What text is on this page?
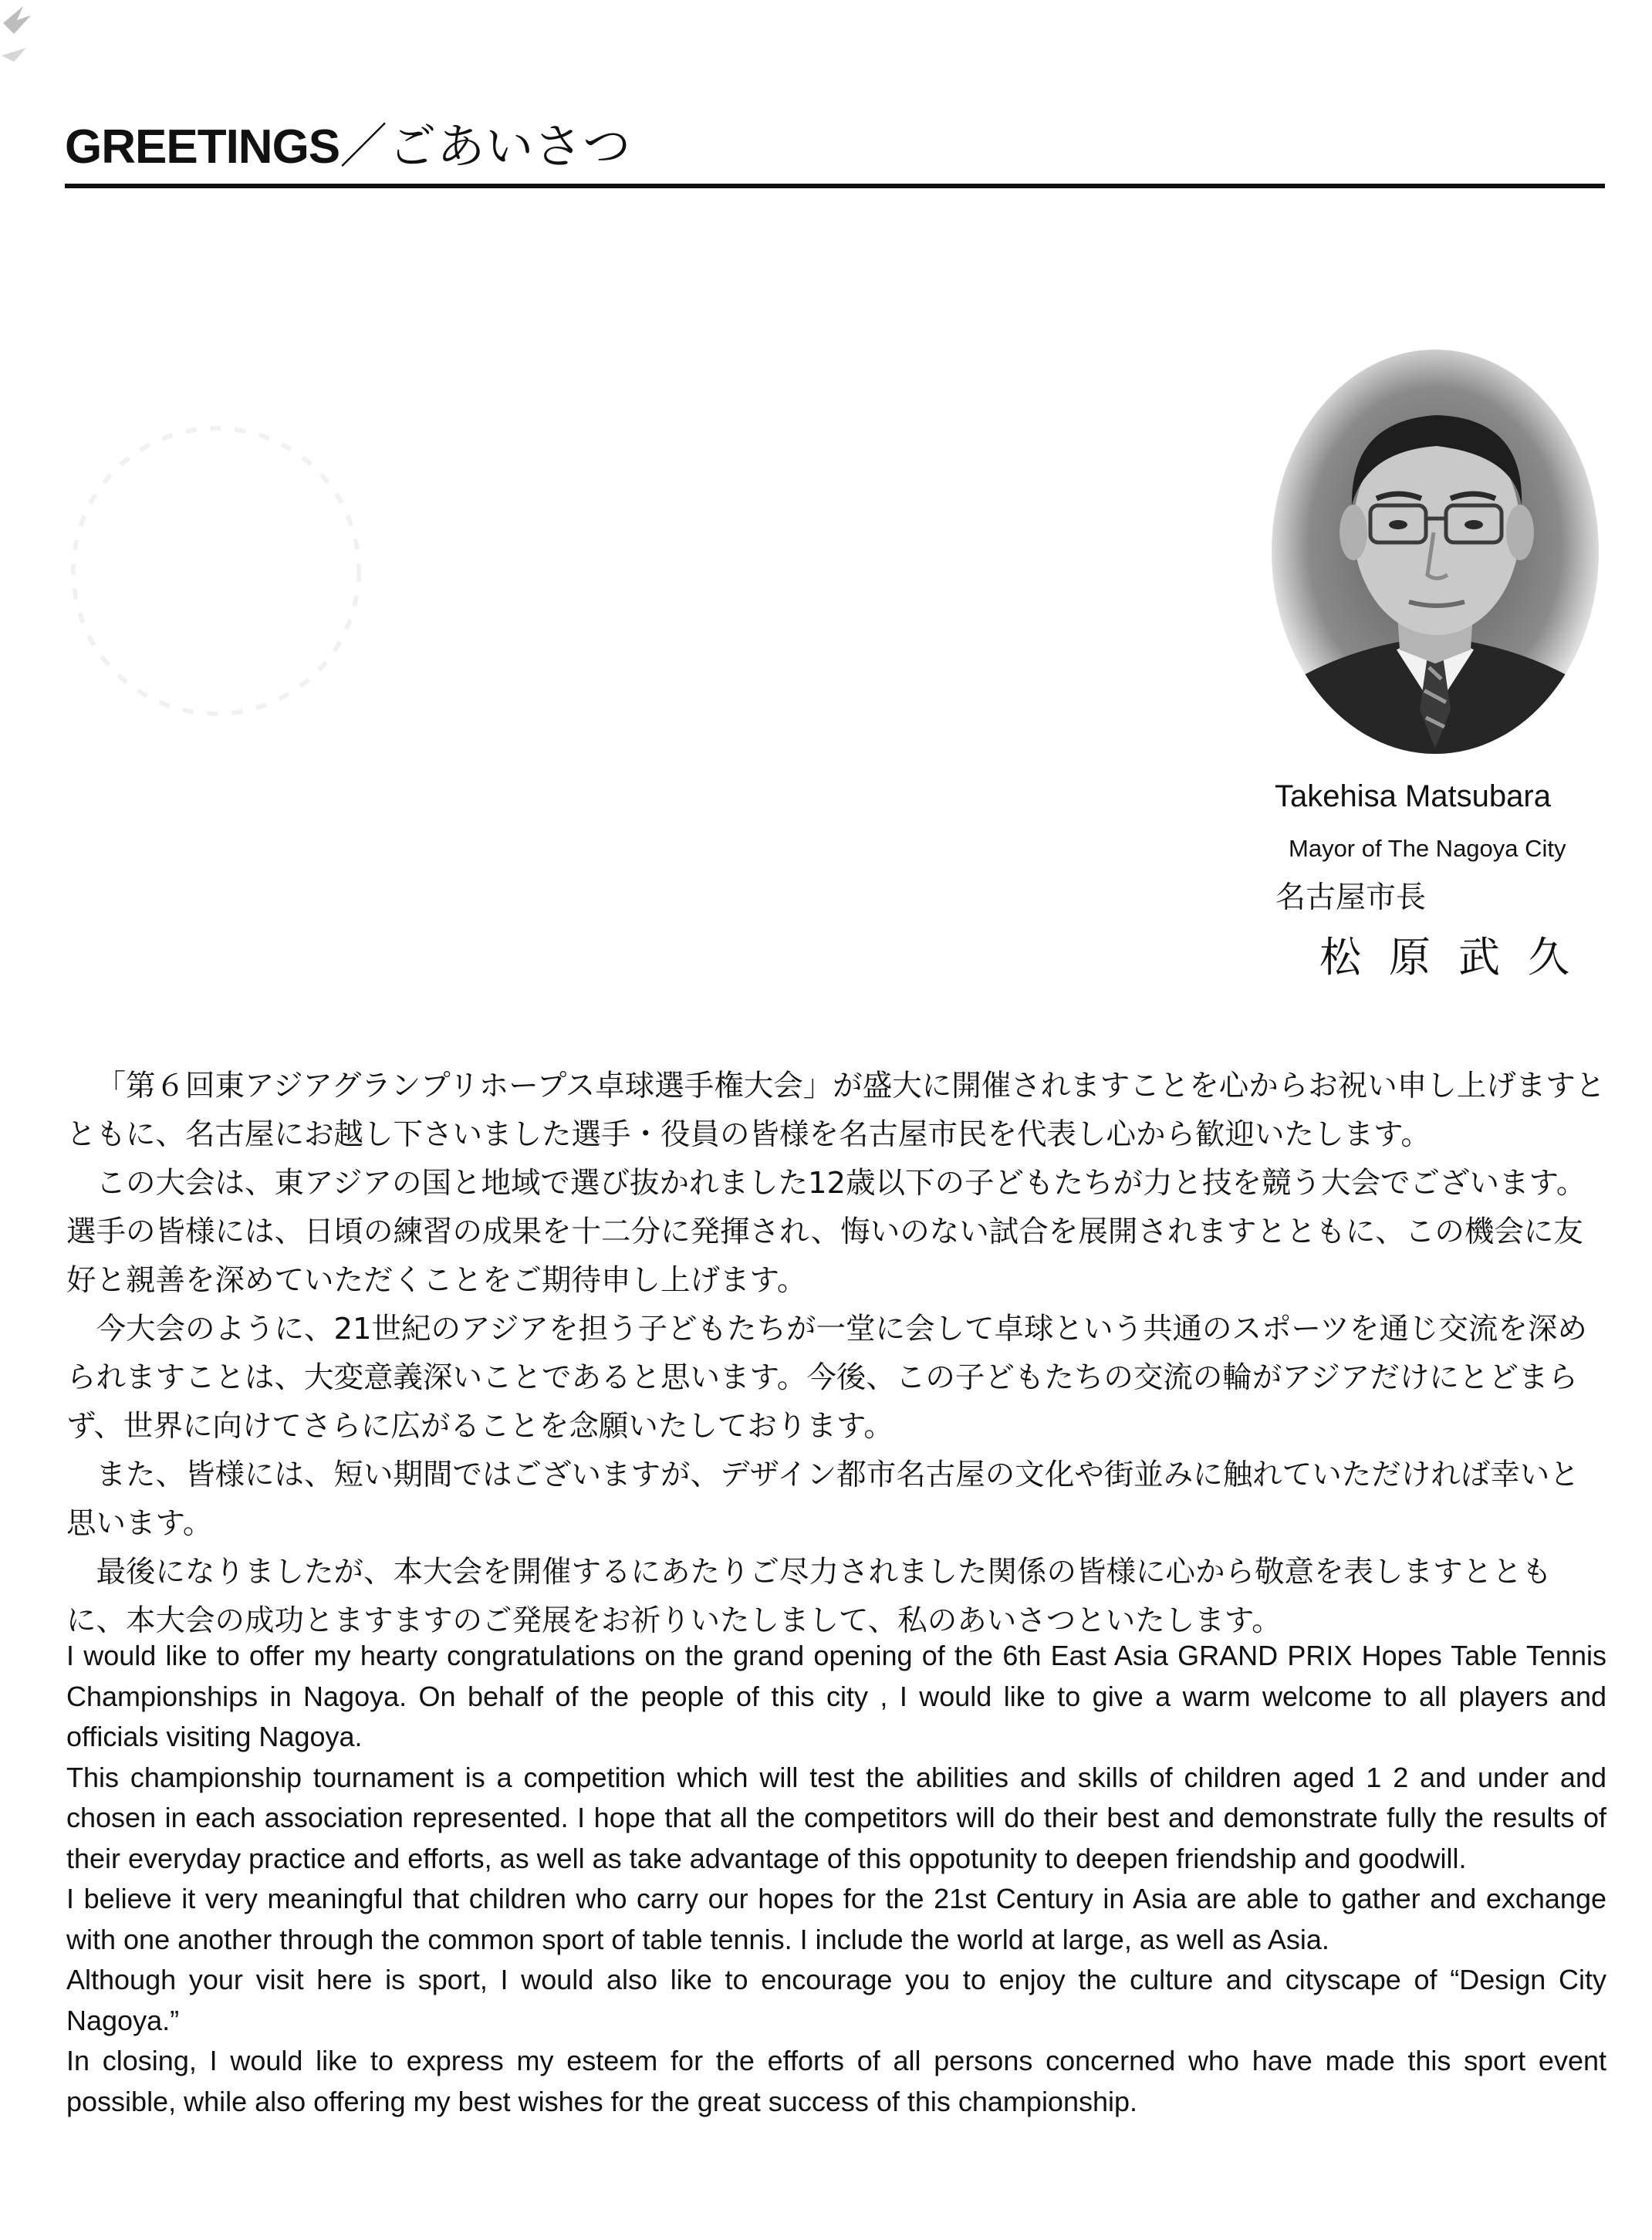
GREETINGS／ごあいさつ
Takehisa Matsubara
Mayor of The Nagoya City
名古屋市長
松原武久

「第６回東アジアグランプリホープス卓球選手権大会」が盛大に開催されますことを心からお祝い申し上げますとともに、名古屋にお越し下さいました選手・役員の皆様を名古屋市民を代表し心から歓迎いたします。

この大会は、東アジアの国と地域で選び抜かれました12歳以下の子どもたちが力と技を競う大会でございます。選手の皆様には、日頃の練習の成果を十二分に発揮され、悔いのない試合を展開されますとともに、この機会に友好と親善を深めていただくことをご期待申し上げます。

今大会のように、21世紀のアジアを担う子どもたちが一堂に会して卓球という共通のスポーツを通じ交流を深められますことは、大変意義深いことであると思います。今後、この子どもたちの交流の輪がアジアだけにとどまらず、世界に向けてさらに広がることを念願いたしております。

また、皆様には、短い期間ではございますが、デザイン都市名古屋の文化や街並みに触れていただければ幸いと思います。

最後になりましたが、本大会を開催するにあたりご尽力されました関係の皆様に心から敬意を表しますとともに、本大会の成功とますますのご発展をお祈りいたしまして、私のあいさつといたします。

I would like to offer my hearty congratulations on the grand opening of the 6th East Asia GRAND PRIX Hopes Table Tennis Championships in Nagoya. On behalf of the people of this city , I would like to give a warm welcome to all players and officials visiting Nagoya.

This championship tournament is a competition which will test the abilities and skills of children aged 1 2 and under and chosen in each association represented. I hope that all the competitors will do their best and demonstrate fully the results of their everyday practice and efforts, as well as take advantage of this oppotunity to deepen friendship and goodwill.

I believe it very meaningful that children who carry our hopes for the 21st Century in Asia are able to gather and exchange with one another through the common sport of table tennis. I include the world at large, as well as Asia.

Although your visit here is sport, I would also like to encourage you to enjoy the culture and cityscape of “Design City Nagoya.”

In closing, I would like to express my esteem for the efforts of all persons concerned who have made this sport event possible, while also offering my best wishes for the great success of this championship.
